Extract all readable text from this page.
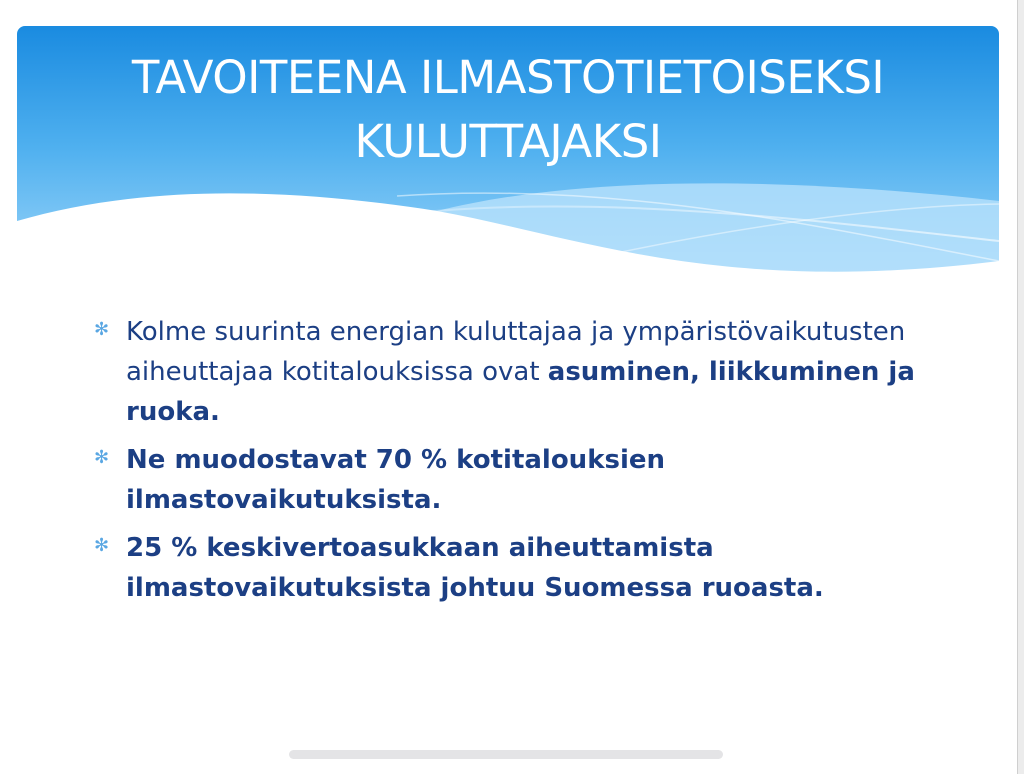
TAVOITEENA ILMASTOTIETOISEKSI
KULUTTAJAKSI
✻ Kolme suurinta energian kuluttajaa ja ympäristövaikutusten aiheuttajaa kotitalouksissa ovat asuminen, liikkuminen ja ruoka.
✻ Ne muodostavat 70 % kotitalouksien ilmastovaikutuksista.
✻ 25 % keskivertoasukkaan aiheuttamista ilmastovaikutuksista johtuu Suomessa ruoasta.
